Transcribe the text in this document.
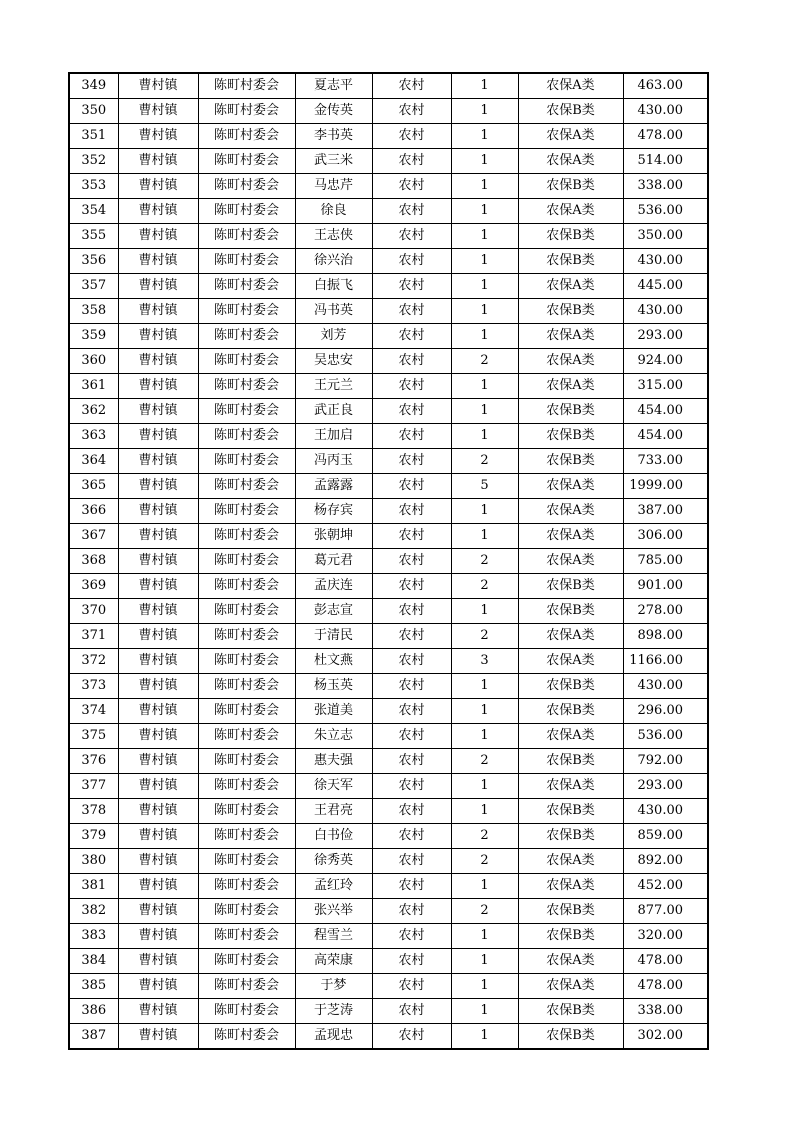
349	曹村镇	陈町村委会	夏志平	农村	1	农保A类	463.00
350	曹村镇	陈町村委会	金传英	农村	1	农保B类	430.00
351	曹村镇	陈町村委会	李书英	农村	1	农保A类	478.00
352	曹村镇	陈町村委会	武三米	农村	1	农保A类	514.00
353	曹村镇	陈町村委会	马忠芹	农村	1	农保B类	338.00
354	曹村镇	陈町村委会	徐良	农村	1	农保A类	536.00
355	曹村镇	陈町村委会	王志侠	农村	1	农保B类	350.00
356	曹村镇	陈町村委会	徐兴治	农村	1	农保B类	430.00
357	曹村镇	陈町村委会	白振飞	农村	1	农保A类	445.00
358	曹村镇	陈町村委会	冯书英	农村	1	农保B类	430.00
359	曹村镇	陈町村委会	刘芳	农村	1	农保A类	293.00
360	曹村镇	陈町村委会	吴忠安	农村	2	农保A类	924.00
361	曹村镇	陈町村委会	王元兰	农村	1	农保A类	315.00
362	曹村镇	陈町村委会	武正良	农村	1	农保B类	454.00
363	曹村镇	陈町村委会	王加启	农村	1	农保B类	454.00
364	曹村镇	陈町村委会	冯丙玉	农村	2	农保B类	733.00
365	曹村镇	陈町村委会	孟露露	农村	5	农保A类	1999.00
366	曹村镇	陈町村委会	杨存宾	农村	1	农保A类	387.00
367	曹村镇	陈町村委会	张朝坤	农村	1	农保A类	306.00
368	曹村镇	陈町村委会	葛元君	农村	2	农保A类	785.00
369	曹村镇	陈町村委会	孟庆连	农村	2	农保B类	901.00
370	曹村镇	陈町村委会	彭志宣	农村	1	农保B类	278.00
371	曹村镇	陈町村委会	于清民	农村	2	农保A类	898.00
372	曹村镇	陈町村委会	杜文燕	农村	3	农保A类	1166.00
373	曹村镇	陈町村委会	杨玉英	农村	1	农保B类	430.00
374	曹村镇	陈町村委会	张道美	农村	1	农保B类	296.00
375	曹村镇	陈町村委会	朱立志	农村	1	农保A类	536.00
376	曹村镇	陈町村委会	惠夫强	农村	2	农保B类	792.00
377	曹村镇	陈町村委会	徐天军	农村	1	农保A类	293.00
378	曹村镇	陈町村委会	王君亮	农村	1	农保B类	430.00
379	曹村镇	陈町村委会	白书俭	农村	2	农保B类	859.00
380	曹村镇	陈町村委会	徐秀英	农村	2	农保A类	892.00
381	曹村镇	陈町村委会	孟红玲	农村	1	农保A类	452.00
382	曹村镇	陈町村委会	张兴举	农村	2	农保B类	877.00
383	曹村镇	陈町村委会	程雪兰	农村	1	农保B类	320.00
384	曹村镇	陈町村委会	高荣康	农村	1	农保A类	478.00
385	曹村镇	陈町村委会	于梦	农村	1	农保A类	478.00
386	曹村镇	陈町村委会	于芝涛	农村	1	农保B类	338.00
387	曹村镇	陈町村委会	孟现忠	农村	1	农保B类	302.00
